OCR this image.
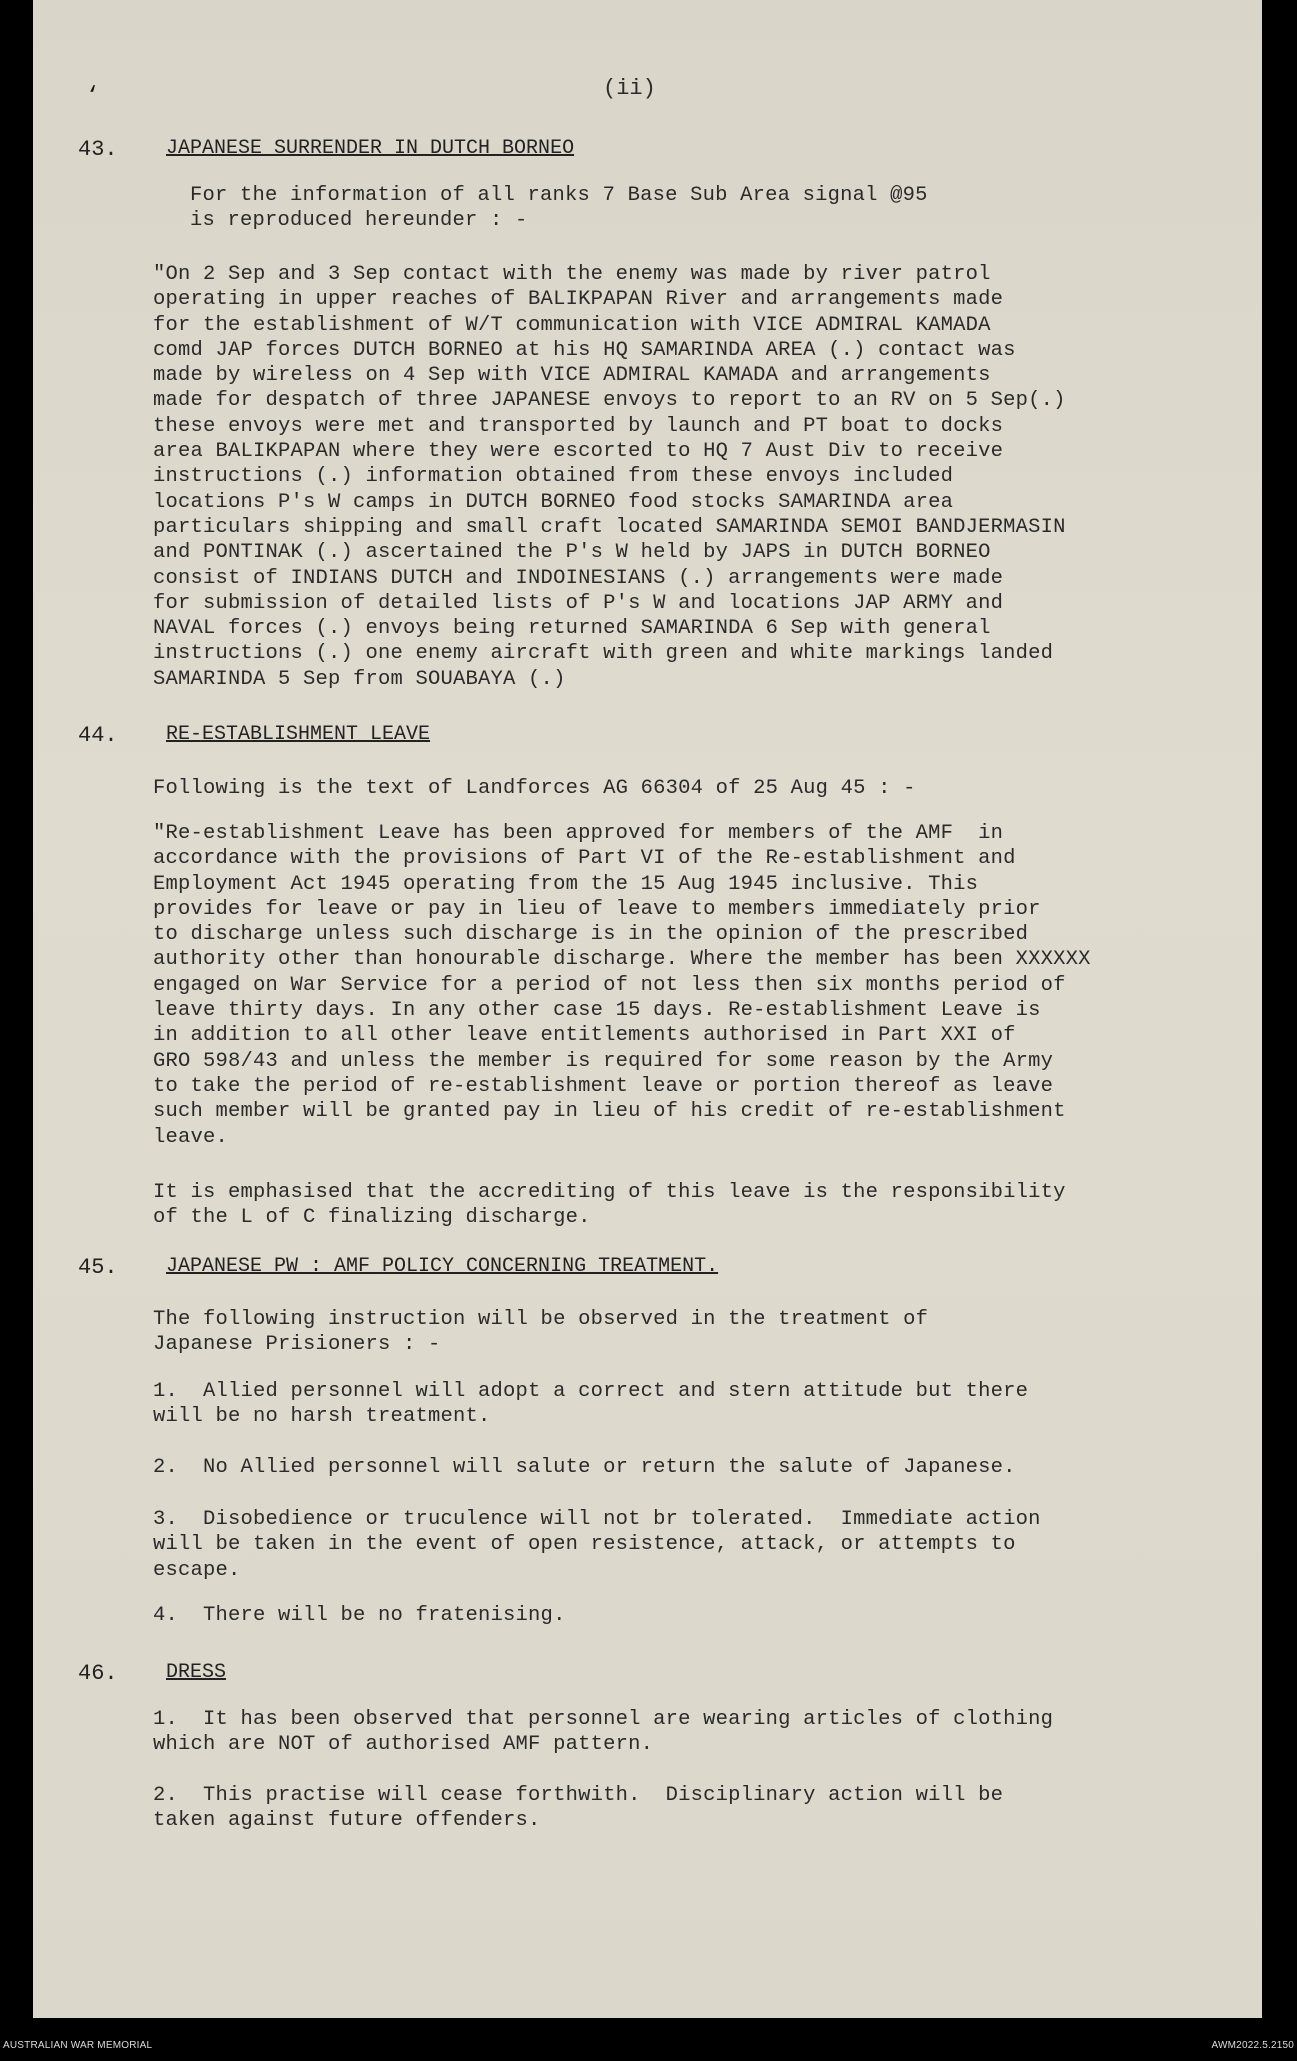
‘	(ii)
43. JAPANESE SURRENDER IN DUTCH BORNEO
For the information of all ranks 7 Base Sub Area signal @95
is reproduced hereunder : -
"On 2 Sep and 3 Sep contact with the enemy was made by river patrol
operating in upper reaches of BALIKPAPAN River and arrangements made
for the establishment of W/T communication with VICE ADMIRAL KAMADA
comd JAP forces DUTCH BORNEO at his HQ SAMARINDA AREA (.) contact was
made by wireless on 4 Sep with VICE ADMIRAL KAMADA and arrangements
made for despatch of three JAPANESE envoys to report to an RV on 5 Sep(.)
these envoys were met and transported by launch and PT boat to docks
area BALIKPAPAN where they were escorted to HQ 7 Aust Div to receive
instructions (.) information obtained from these envoys included
locations P's W camps in DUTCH BORNEO food stocks SAMARINDA area
particulars shipping and small craft located SAMARINDA SEMOI BANDJERMASIN
and PONTINAK (.) ascertained the P's W held by JAPS in DUTCH BORNEO
consist of INDIANS DUTCH and INDOINESIANS (.) arrangements were made
for submission of detailed lists of P's W and locations JAP ARMY and
NAVAL forces (.) envoys being returned SAMARINDA 6 Sep with general
instructions (.) one enemy aircraft with green and white markings landed
SAMARINDA 5 Sep from SOUABAYA (.)
44. RE-ESTABLISHMENT LEAVE
Following is the text of Landforces AG 66304 of 25 Aug 45 : -
"Re-establishment Leave has been approved for members of the AMF  in
accordance with the provisions of Part VI of the Re-establishment and
Employment Act 1945 operating from the 15 Aug 1945 inclusive. This
provides for leave or pay in lieu of leave to members immediately prior
to discharge unless such discharge is in the opinion of the prescribed
authority other than honourable discharge. Where the member has been XXXXXX
engaged on War Service for a period of not less then six months period of
leave thirty days. In any other case 15 days. Re-establishment Leave is
in addition to all other leave entitlements authorised in Part XXI of
GRO 598/43 and unless the member is required for some reason by the Army
to take the period of re-establishment leave or portion thereof as leave
such member will be granted pay in lieu of his credit of re-establishment
leave.
It is emphasised that the accrediting of this leave is the responsibility
of the L of C finalizing discharge.
45. JAPANESE PW : AMF POLICY CONCERNING TREATMENT.
The following instruction will be observed in the treatment of
Japanese Prisioners : -
1.  Allied personnel will adopt a correct and stern attitude but there
will be no harsh treatment.
2.  No Allied personnel will salute or return the salute of Japanese.
3.  Disobedience or truculence will not br tolerated.  Immediate action
will be taken in the event of open resistence, attack, or attempts to
escape.
4.  There will be no fratenising.
46. DRESS
1.  It has been observed that personnel are wearing articles of clothing
which are NOT of authorised AMF pattern.
2.  This practise will cease forthwith.  Disciplinary action will be
taken against future offenders.
AUSTRALIAN WAR MEMORIAL	AWM2022.5.2150
